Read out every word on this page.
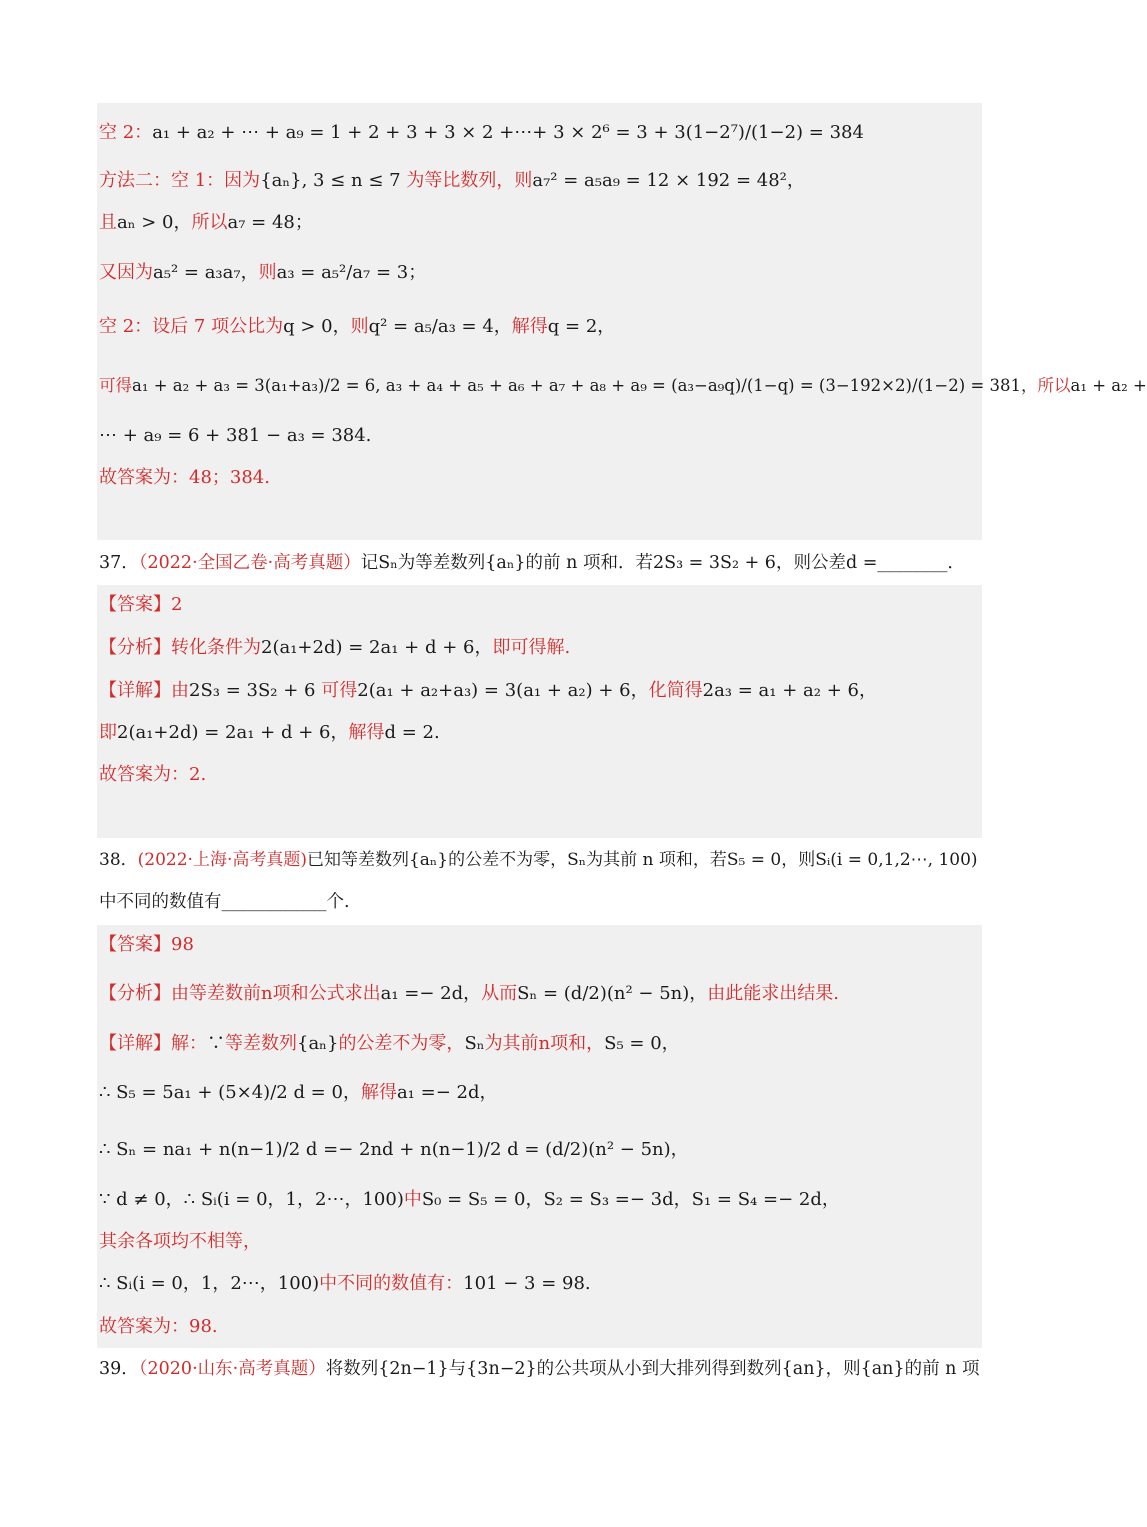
空 2：a₁ + a₂ + ⋯ + a₉ = 1 + 2 + 3 + 3 × 2 +⋯+ 3 × 2⁶ = 3 + 3(1−2⁷)/(1−2) = 384
方法二：空 1：因为{aₙ}, 3 ≤ n ≤ 7 为等比数列，则a₇² = a₅a₉ = 12 × 192 = 48²，
且aₙ > 0，所以a₇ = 48；
又因为a₅² = a₃a₇，则a₃ = a₅²/a₇ = 3；
空 2：设后 7 项公比为q > 0，则q² = a₅/a₃ = 4，解得q = 2，
可得a₁ + a₂ + a₃ = 3(a₁+a₃)/2 = 6, a₃ + a₄ + a₅ + a₆ + a₇ + a₈ + a₉ = (a₃−a₉q)/(1−q) = (3−192×2)/(1−2) = 381，所以a₁ + a₂ +
⋯ + a₉ = 6 + 381 − a₃ = 384.
故答案为：48；384.
37．（2022·全国乙卷·高考真题）记Sₙ为等差数列{aₙ}的前 n 项和．若2S₃ = 3S₂ + 6，则公差d =________．
【答案】2
【分析】转化条件为2(a₁+2d) = 2a₁ + d + 6，即可得解.
【详解】由2S₃ = 3S₂ + 6 可得2(a₁ + a₂+a₃) = 3(a₁ + a₂) + 6，化简得2a₃ = a₁ + a₂ + 6，
即2(a₁+2d) = 2a₁ + d + 6，解得d = 2.
故答案为：2.
38．(2022·上海·高考真题)已知等差数列{aₙ}的公差不为零，Sₙ为其前 n 项和，若S₅ = 0，则Sᵢ(i = 0,1,2⋯, 100)
中不同的数值有____________个.
【答案】98
【分析】由等差数前n项和公式求出a₁ =− 2d，从而Sₙ = (d/2)(n² − 5n)，由此能求出结果.
【详解】解：∵等差数列{aₙ}的公差不为零，Sₙ为其前n项和，S₅ = 0，
∴ S₅ = 5a₁ + (5×4)/2 d = 0，解得a₁ =− 2d，
∴ Sₙ = na₁ + n(n−1)/2 d =− 2nd + n(n−1)/2 d = (d/2)(n² − 5n)，
∵ d ≠ 0，∴ Sᵢ(i = 0，1，2⋯，100)中S₀ = S₅ = 0，S₂ = S₃ =− 3d，S₁ = S₄ =− 2d，
其余各项均不相等，
∴ Sᵢ(i = 0，1，2⋯，100)中不同的数值有：101 − 3 = 98.
故答案为：98.
39．（2020·山东·高考真题）将数列{2n−1}与{3n−2}的公共项从小到大排列得到数列{an}，则{an}的前 n 项
